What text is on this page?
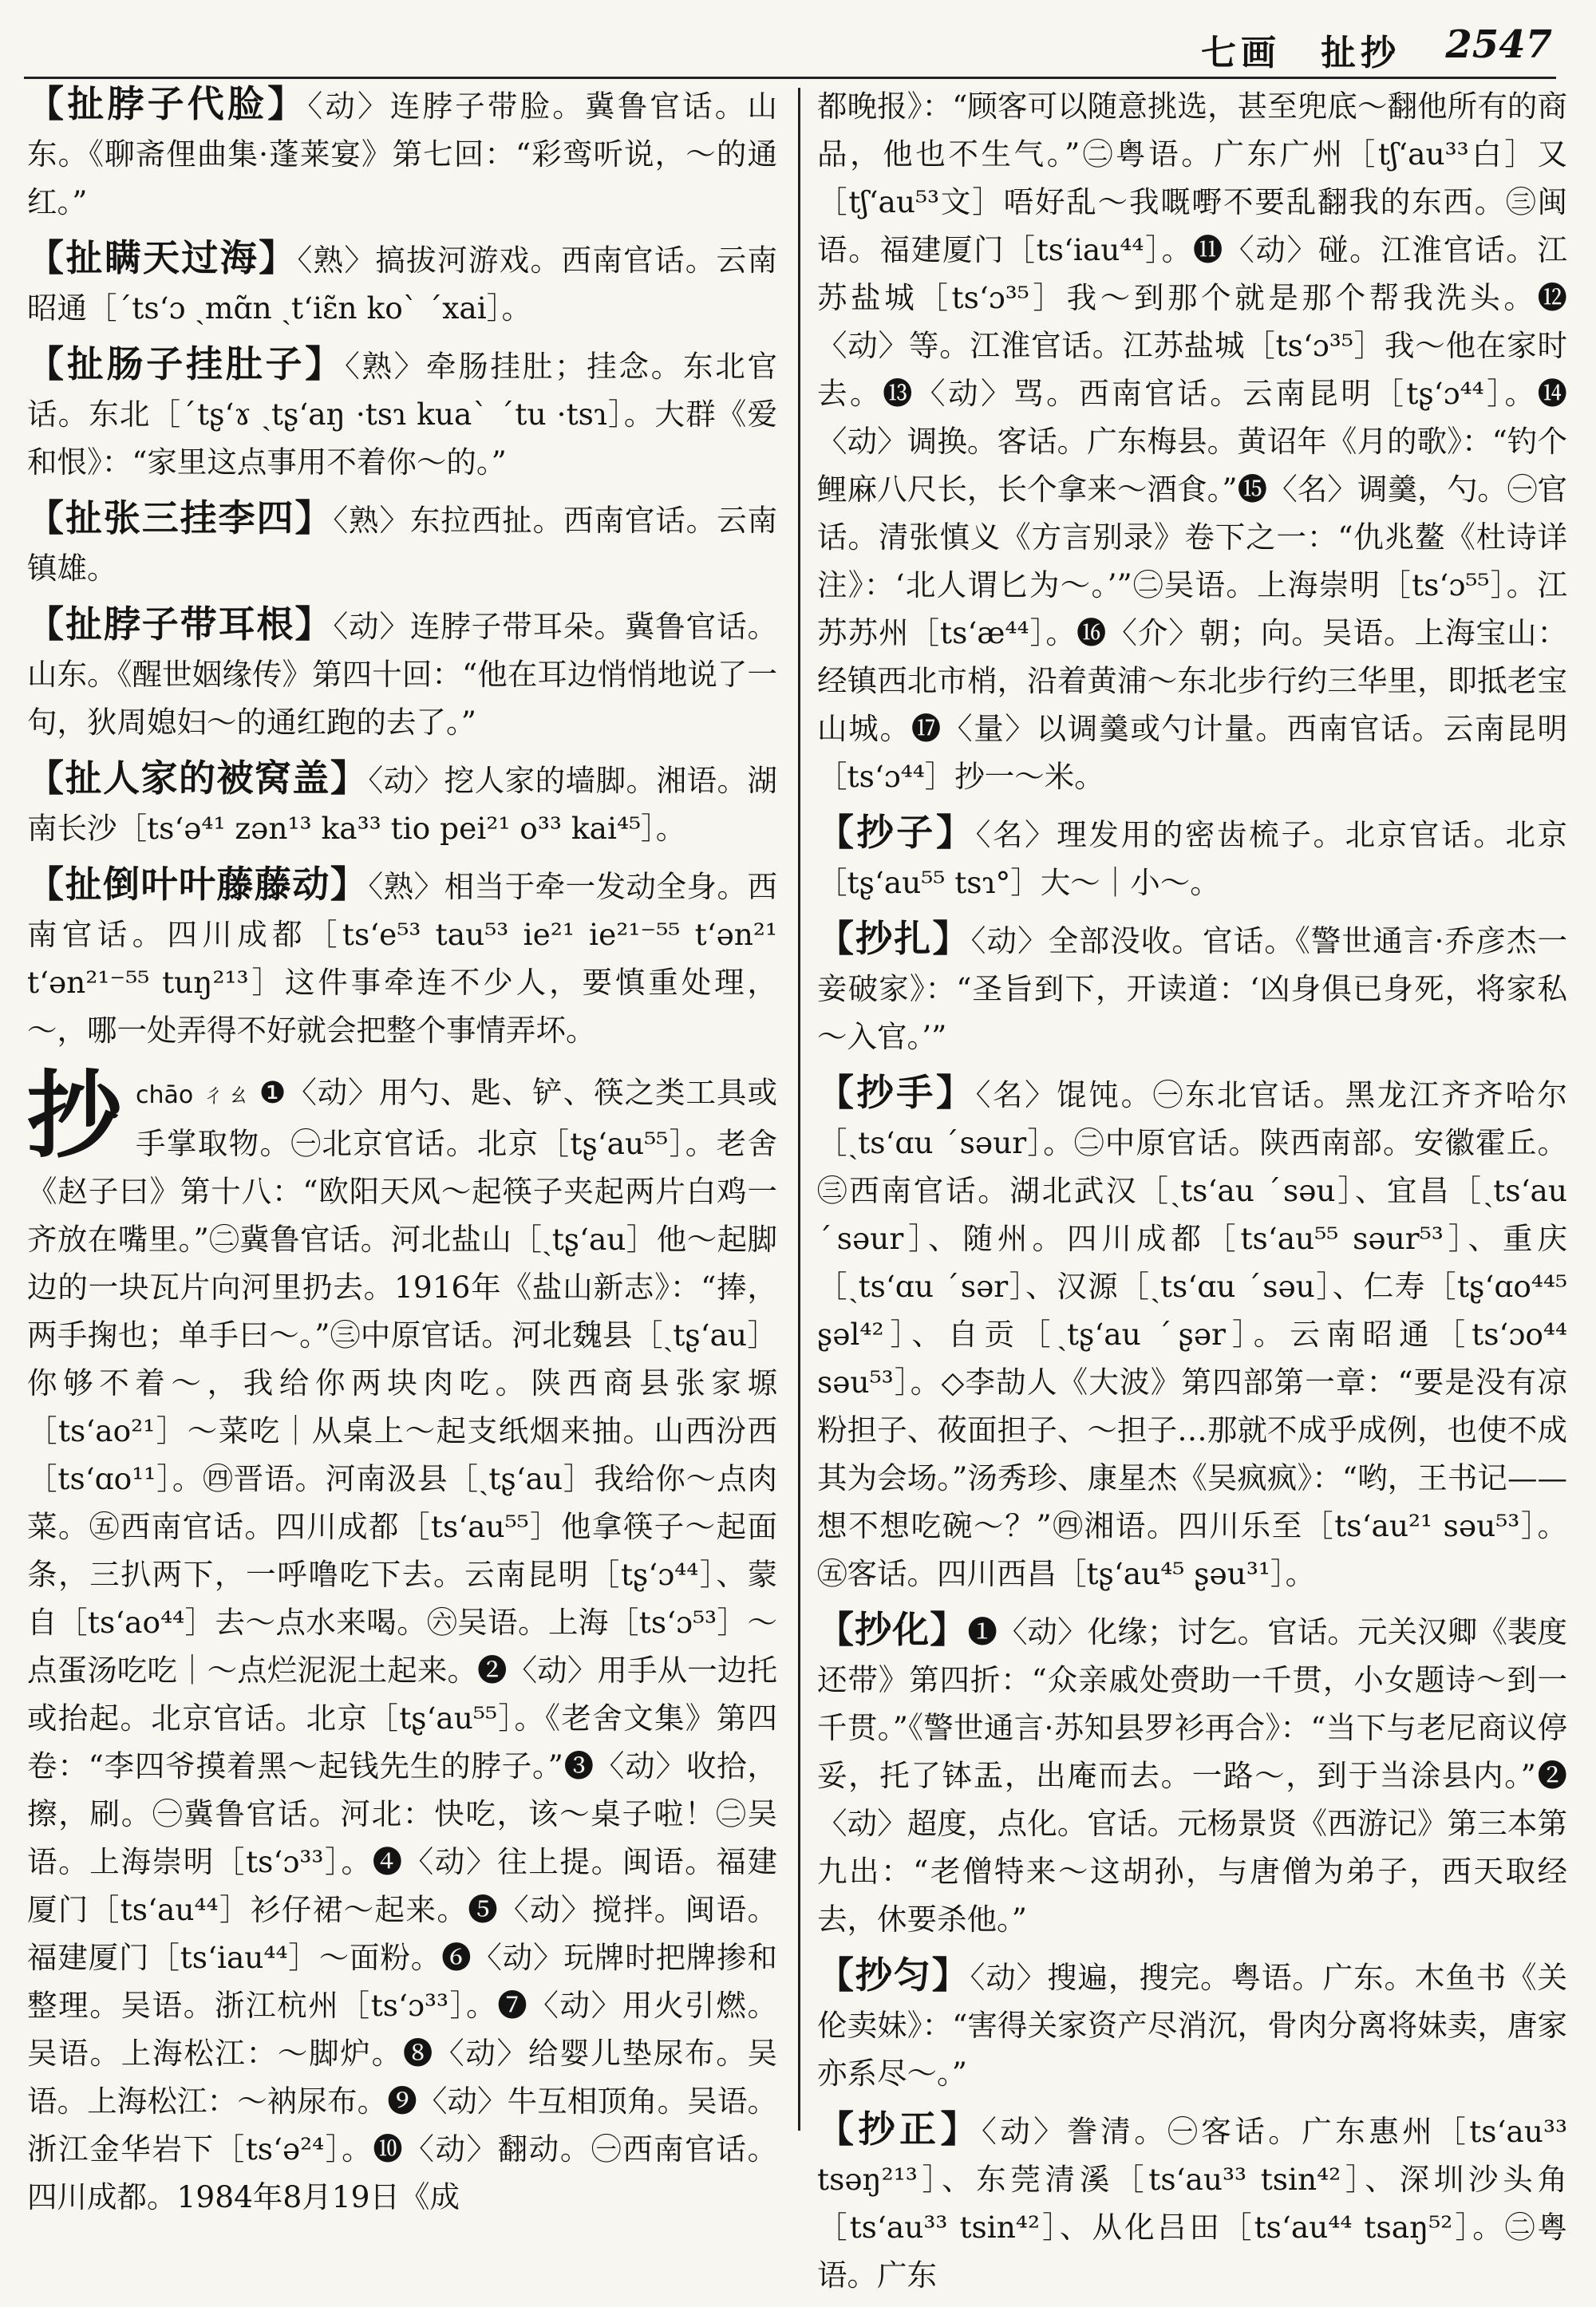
七画　扯抄 2547
【扯脖子代脸】〈动〉连脖子带脸。冀鲁官话。山东。《聊斋俚曲集·蓬莱宴》第七回：“彩鸾听说，～的通红。”
【扯瞒天过海】〈熟〉搞拔河游戏。西南官话。云南昭通［ˊtsʻɔ ˏmɑ̃n ˏtʻiɛ̃n koˋ ˊxai］。
【扯肠子挂肚子】〈熟〉牵肠挂肚；挂念。东北官话。东北［ˊtʂʻɤ ˏtʂʻaŋ ·tsɿ kuaˋ ˊtu ·tsɿ］。大群《爱和恨》：“家里这点事用不着你～的。”
【扯张三挂李四】〈熟〉东拉西扯。西南官话。云南镇雄。
【扯脖子带耳根】〈动〉连脖子带耳朵。冀鲁官话。山东。《醒世姻缘传》第四十回：“他在耳边悄悄地说了一句，狄周媳妇～的通红跑的去了。”
【扯人家的被窝盖】〈动〉挖人家的墙脚。湘语。湖南长沙［tsʻə⁴¹ zən¹³ ka³³ tio pei²¹ o³³ kai⁴⁵］。
【扯倒叶叶藤藤动】〈熟〉相当于牵一发动全身。西南官话。四川成都［tsʻe⁵³ tau⁵³ ie²¹ ie²¹⁻⁵⁵ tʻən²¹ tʻən²¹⁻⁵⁵ tuŋ²¹³］这件事牵连不少人，要慎重处理，～，哪一处弄得不好就会把整个事情弄坏。
抄 chāo ㄔㄠ ❶〈动〉用勺、匙、铲、筷之类工具或手掌取物。㊀北京官话。北京［tʂʻau⁵⁵］。老舍《赵子曰》第十八：“欧阳天风～起筷子夹起两片白鸡一齐放在嘴里。”㊁冀鲁官话。河北盐山［ˏtʂʻau］他～起脚边的一块瓦片向河里扔去。1916年《盐山新志》：“捧，两手掬也；单手曰～。”㊂中原官话。河北魏县［ˏtʂʻau］你够不着～，我给你两块肉吃。陕西商县张家塬［tsʻao²¹］～菜吃｜从桌上～起支纸烟来抽。山西汾西［tsʻɑo¹¹］。㊃晋语。河南汲县［ˏtʂʻau］我给你～点肉菜。㊄西南官话。四川成都［tsʻau⁵⁵］他拿筷子～起面条，三扒两下，一呼噜吃下去。云南昆明［tʂʻɔ⁴⁴］、蒙自［tsʻao⁴⁴］去～点水来喝。㊅吴语。上海［tsʻɔ⁵³］～点蛋汤吃吃｜～点烂泥泥土起来。❷〈动〉用手从一边托或抬起。北京官话。北京［tʂʻau⁵⁵］。《老舍文集》第四卷：“李四爷摸着黑～起钱先生的脖子。”❸〈动〉收拾，擦，刷。㊀冀鲁官话。河北：快吃，该～桌子啦！㊁吴语。上海崇明［tsʻɔ³³］。❹〈动〉往上提。闽语。福建厦门［tsʻau⁴⁴］衫仔裙～起来。❺〈动〉搅拌。闽语。福建厦门［tsʻiau⁴⁴］～面粉。❻〈动〉玩牌时把牌掺和整理。吴语。浙江杭州［tsʻɔ³³］。❼〈动〉用火引燃。吴语。上海松江：～脚炉。❽〈动〉给婴儿垫尿布。吴语。上海松江：～衲尿布。❾〈动〉牛互相顶角。吴语。浙江金华岩下［tsʻə²⁴］。❿〈动〉翻动。㊀西南官话。四川成都。1984年8月19日《成
都晚报》：“顾客可以随意挑选，甚至兜底～翻他所有的商品，他也不生气。”㊁粤语。广东广州［tʃʻau³³白］又［tʃʻau⁵³文］唔好乱～我嘅嘢不要乱翻我的东西。㊂闽语。福建厦门［tsʻiau⁴⁴］。⓫〈动〉碰。江淮官话。江苏盐城［tsʻɔ³⁵］我～到那个就是那个帮我洗头。⓬〈动〉等。江淮官话。江苏盐城［tsʻɔ³⁵］我～他在家时去。⓭〈动〉骂。西南官话。云南昆明［tʂʻɔ⁴⁴］。⓮〈动〉调换。客话。广东梅县。黄诏年《月的歌》：“钓个鲤麻八尺长，长个拿来～酒食。”⓯〈名〉调羹，勺。㊀官话。清张慎义《方言别录》卷下之一：“仇兆鳌《杜诗详注》：‘北人谓匕为～。’”㊁吴语。上海崇明［tsʻɔ⁵⁵］。江苏苏州［tsʻæ⁴⁴］。⓰〈介〉朝；向。吴语。上海宝山：经镇西北市梢，沿着黄浦～东北步行约三华里，即抵老宝山城。⓱〈量〉以调羹或勺计量。西南官话。云南昆明［tsʻɔ⁴⁴］抄一～米。
【抄子】〈名〉理发用的密齿梳子。北京官话。北京［tʂʻau⁵⁵ tsɿ°］大～｜小～。
【抄扎】〈动〉全部没收。官话。《警世通言·乔彦杰一妾破家》：“圣旨到下，开读道：‘凶身俱已身死，将家私～入官。’”
【抄手】〈名〉馄饨。㊀东北官话。黑龙江齐齐哈尔［ˏtsʻɑu ˊsəur］。㊁中原官话。陕西南部。安徽霍丘。㊂西南官话。湖北武汉［ˏtsʻau ˊsəu］、宜昌［ˏtsʻau ˊsəur］、随州。四川成都［tsʻau⁵⁵ səur⁵³］、重庆［ˏtsʻɑu ˊsər］、汉源［ˏtsʻɑu ˊsəu］、仁寿［tʂʻɑo⁴⁴⁵ ʂəl⁴²］、自贡［ˏtʂʻau ˊʂər］。云南昭通［tsʻɔo⁴⁴ səu⁵³］。◇李劼人《大波》第四部第一章：“要是没有凉粉担子、莜面担子、～担子…那就不成乎成例，也使不成其为会场。”汤秀珍、康星杰《吴疯疯》：“哟，王书记——想不想吃碗～？”㊃湘语。四川乐至［tsʻau²¹ səu⁵³］。㊄客话。四川西昌［tʂʻau⁴⁵ ʂəu³¹］。
【抄化】❶〈动〉化缘；讨乞。官话。元关汉卿《裴度还带》第四折：“众亲戚处赍助一千贯，小女题诗～到一千贯。”《警世通言·苏知县罗衫再合》：“当下与老尼商议停妥，托了钵盂，出庵而去。一路～，到于当涂县内。”❷〈动〉超度，点化。官话。元杨景贤《西游记》第三本第九出：“老僧特来～这胡孙，与唐僧为弟子，西天取经去，休要杀他。”
【抄匀】〈动〉搜遍，搜完。粤语。广东。木鱼书《关伦卖妹》：“害得关家资产尽消沉，骨肉分离将妹卖，唐家亦系尽～。”
【抄正】〈动〉誊清。㊀客话。广东惠州［tsʻau³³ tsəŋ²¹³］、东莞清溪［tsʻau³³ tsin⁴²］、深圳沙头角［tsʻau³³ tsin⁴²］、从化吕田［tsʻau⁴⁴ tsaŋ⁵²］。㊁粤语。广东
